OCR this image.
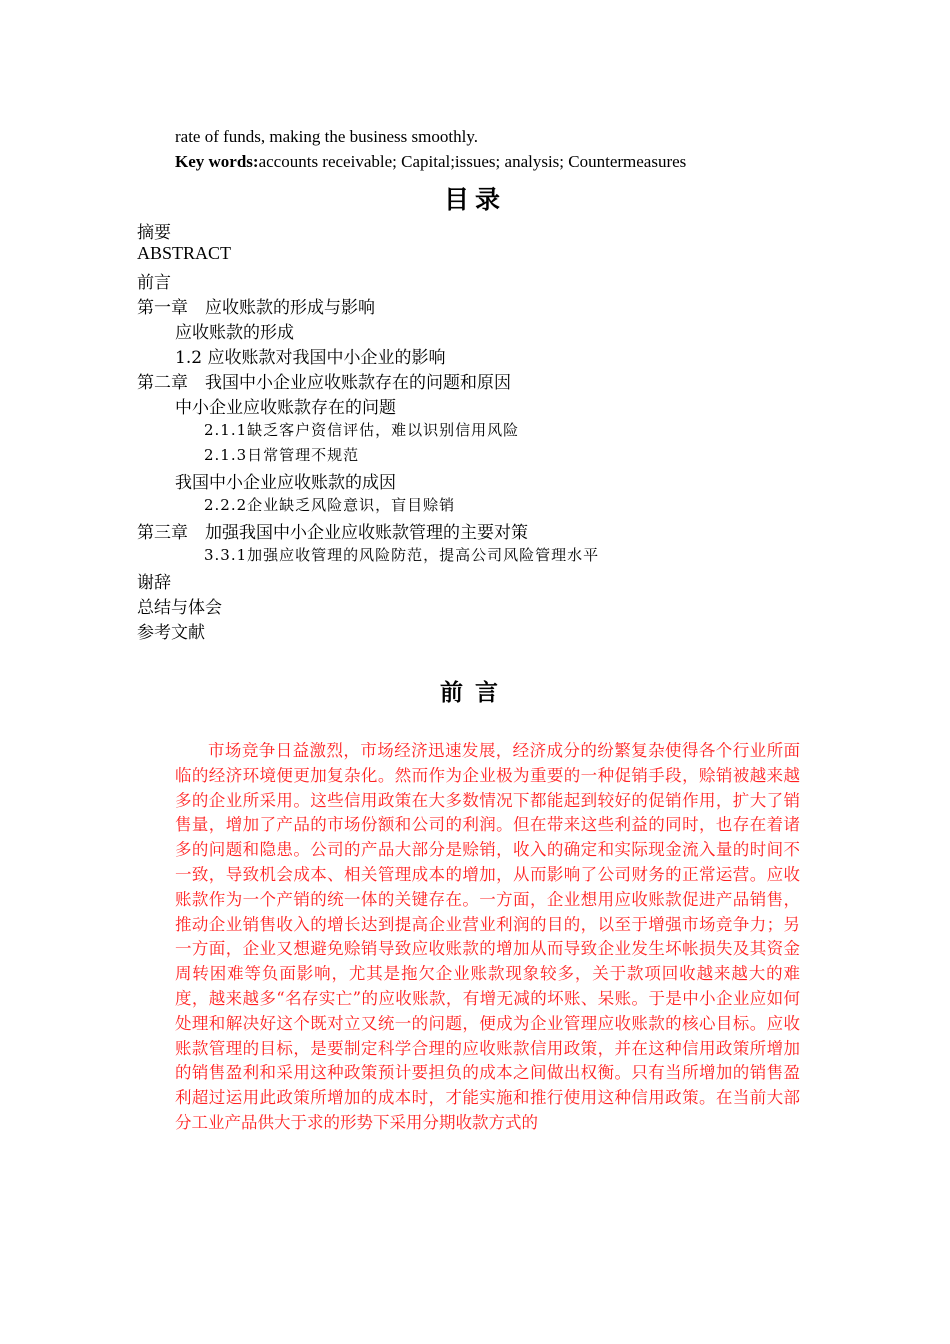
rate of funds, making the business smoothly.
Key words:accounts receivable; Capital;issues; analysis; Countermeasures
目录
摘要
ABSTRACT
前言
第一章　应收账款的形成与影响
应收账款的形成
1.2 应收账款对我国中小企业的影响
第二章　我国中小企业应收账款存在的问题和原因
中小企业应收账款存在的问题
2.1.1缺乏客户资信评估，难以识别信用风险
2.1.3日常管理不规范
我国中小企业应收账款的成因
2.2.2企业缺乏风险意识，盲目赊销
第三章　加强我国中小企业应收账款管理的主要对策
3.3.1加强应收管理的风险防范，提高公司风险管理水平
谢辞
总结与体会
参考文献
前言
市场竞争日益激烈，市场经济迅速发展，经济成分的纷繁复杂使得各个行业所面临的经济环境便更加复杂化。然而作为企业极为重要的一种促销手段，赊销被越来越多的企业所采用。这些信用政策在大多数情况下都能起到较好的促销作用，扩大了销售量，增加了产品的市场份额和公司的利润。但在带来这些利益的同时，也存在着诸多的问题和隐患。公司的产品大部分是赊销，收入的确定和实际现金流入量的时间不一致，导致机会成本、相关管理成本的增加，从而影响了公司财务的正常运营。应收账款作为一个产销的统一体的关键存在。一方面，企业想用应收账款促进产品销售，推动企业销售收入的增长达到提高企业营业利润的目的，以至于增强市场竞争力；另一方面，企业又想避免赊销导致应收账款的增加从而导致企业发生坏帐损失及其资金周转困难等负面影响，尤其是拖欠企业账款现象较多，关于款项回收越来越大的难度，越来越多“名存实亡”的应收账款，有增无减的坏账、呆账。于是中小企业应如何处理和解决好这个既对立又统一的问题，便成为企业管理应收账款的核心目标。应收账款管理的目标，是要制定科学合理的应收账款信用政策，并在这种信用政策所增加的销售盈利和采用这种政策预计要担负的成本之间做出权衡。只有当所增加的销售盈利超过运用此政策所增加的成本时，才能实施和推行使用这种信用政策。在当前大部分工业产品供大于求的形势下采用分期收款方式的
